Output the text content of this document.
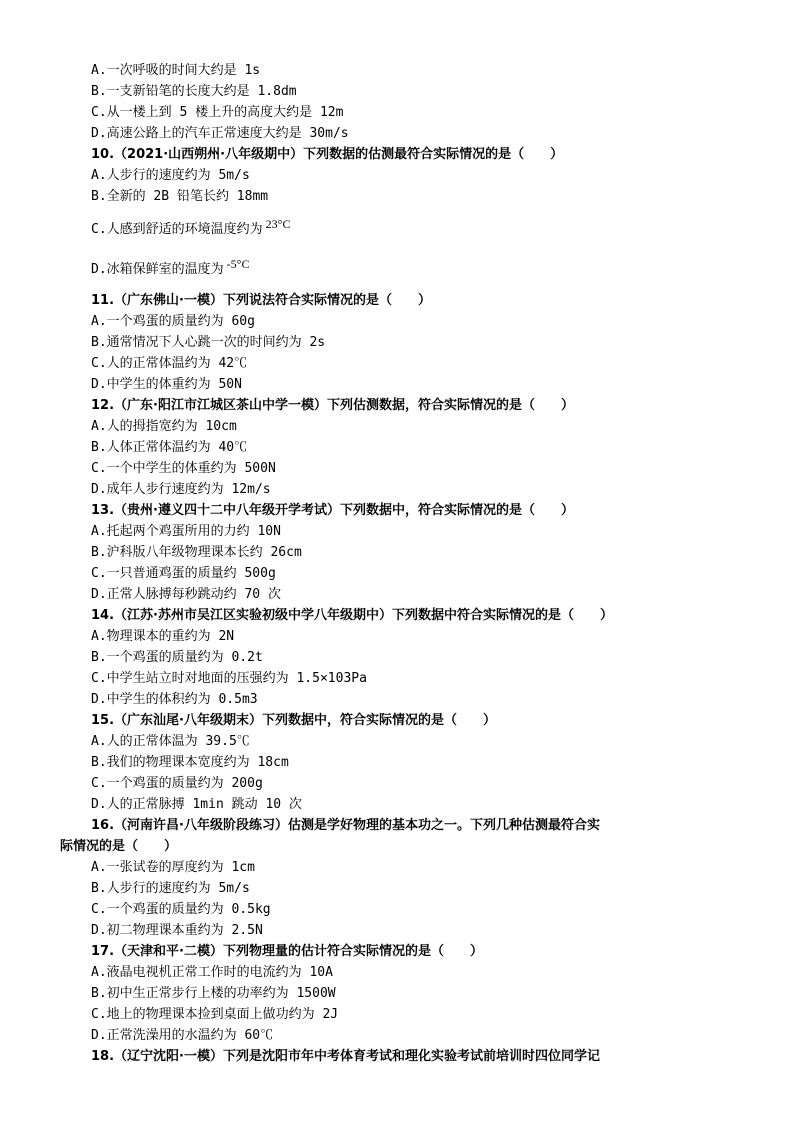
A.一次呼吸的时间大约是 1s
B.一支新铅笔的长度大约是 1.8dm
C.从一楼上到 5 楼上升的高度大约是 12m
D.高速公路上的汽车正常速度大约是 30m/s
10.（2021·山西朔州·八年级期中）下列数据的估测最符合实际情况的是（　　）
A.人步行的速度约为 5m/s
B.全新的 2B 铅笔长约 18mm
C.人感到舒适的环境温度约为 23°C
D.冰箱保鲜室的温度为 -5°C
11.（广东佛山·一模）下列说法符合实际情况的是（　　）
A.一个鸡蛋的质量约为 60g
B.通常情况下人心跳一次的时间约为 2s
C.人的正常体温约为 42℃
D.中学生的体重约为 50N
12.（广东·阳江市江城区茶山中学一模）下列估测数据，符合实际情况的是（　　）
A.人的拇指宽约为 10cm
B.人体正常体温约为 40℃
C.一个中学生的体重约为 500N
D.成年人步行速度约为 12m/s
13.（贵州·遵义四十二中八年级开学考试）下列数据中，符合实际情况的是（　　）
A.托起两个鸡蛋所用的力约 10N
B.沪科版八年级物理课本长约 26cm
C.一只普通鸡蛋的质量约 500g
D.正常人脉搏每秒跳动约 70 次
14.（江苏·苏州市吴江区实验初级中学八年级期中）下列数据中符合实际情况的是（　　）
A.物理课本的重约为 2N
B.一个鸡蛋的质量约为 0.2t
C.中学生站立时对地面的压强约为 1.5×103Pa
D.中学生的体积约为 0.5m3
15.（广东汕尾·八年级期末）下列数据中，符合实际情况的是（　　）
A.人的正常体温为 39.5℃
B.我们的物理课本宽度约为 18cm
C.一个鸡蛋的质量约为 200g
D.人的正常脉搏 1min 跳动 10 次
16.（河南许昌·八年级阶段练习）估测是学好物理的基本功之一。下列几种估测最符合实
际情况的是（　　）
A.一张试卷的厚度约为 1cm
B.人步行的速度约为 5m/s
C.一个鸡蛋的质量约为 0.5kg
D.初二物理课本重约为 2.5N
17.（天津和平·二模）下列物理量的估计符合实际情况的是（　　）
A.液晶电视机正常工作时的电流约为 10A
B.初中生正常步行上楼的功率约为 1500W
C.地上的物理课本捡到桌面上做功约为 2J
D.正常洗澡用的水温约为 60℃
18.（辽宁沈阳·一模）下列是沈阳市年中考体育考试和理化实验考试前培训时四位同学记
